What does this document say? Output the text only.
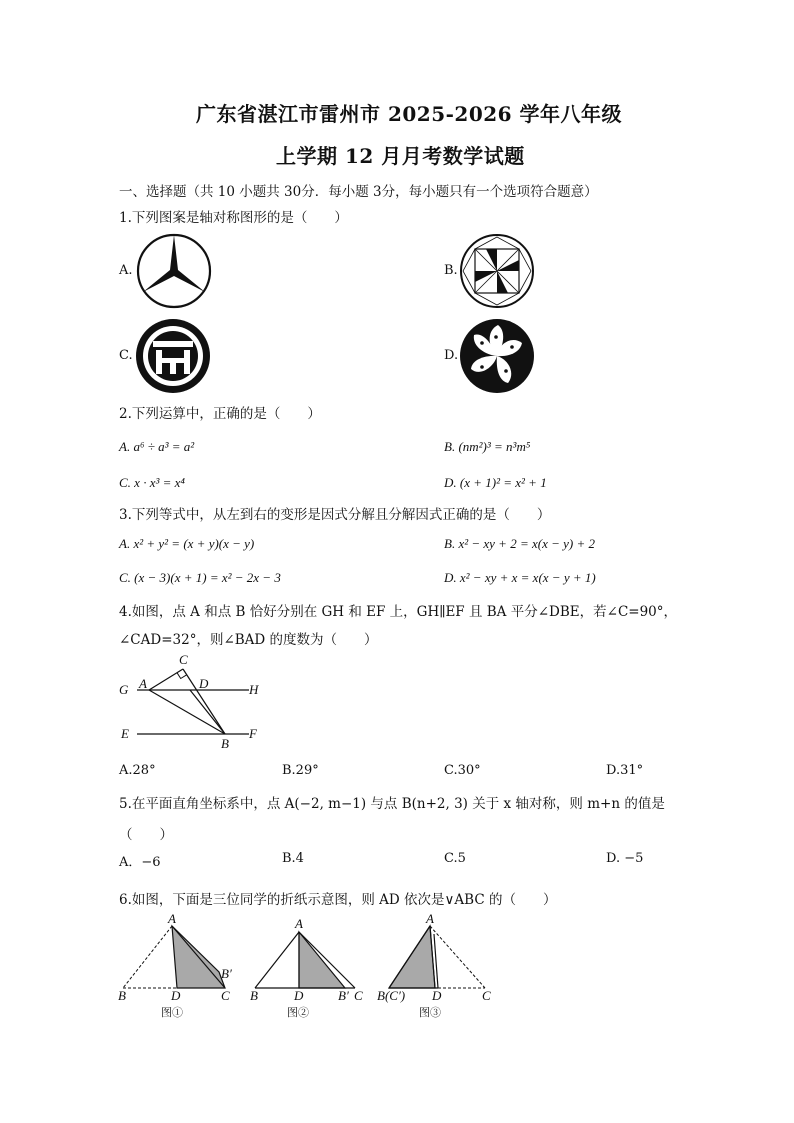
广东省湛江市雷州市 2025-2026 学年八年级
上学期 12 月月考数学试题
一、选择题（共 10 小题共 30分．每小题 3分，每小题只有一个选项符合题意）
1.下列图案是轴对称图形的是（　　）
A.	B.
C.	D.
2.下列运算中，正确的是（　　）
A. a⁶ ÷ a³ = a²	B. (nm²)³ = n³m⁵
C. x · x³ = x⁴	D. (x + 1)² = x² + 1
3.下列等式中，从左到右的变形是因式分解且分解因式正确的是（　　）
A. x² + y² = (x + y)(x − y)	B. x² − xy + 2 = x(x − y) + 2
C. (x − 3)(x + 1) = x² − 2x − 3	D. x² − xy + x = x(x − y + 1)
4.如图，点 A 和点 B 恰好分别在 GH 和 EF 上，GH∥EF 且 BA 平分∠DBE，若∠C=90°，
∠CAD=32°，则∠BAD 的度数为（　　）
C
G A	D	H
E
B
F
A.28°	B.29°	C.30°	D.31°
5.在平面直角坐标系中，点 A(−2, m−1) 与点 B(n+2, 3) 关于 x 轴对称，则 m+n 的值是
（　　）
A．−6	B.4	C.5	D. −5
6.如图，下面是三位同学的折纸示意图，则 AD 依次是∨ABC 的（　　）
A
B	D	C
B′
图①
A
B	D	B′ C
图②
A
B(C′) D	C
图③
